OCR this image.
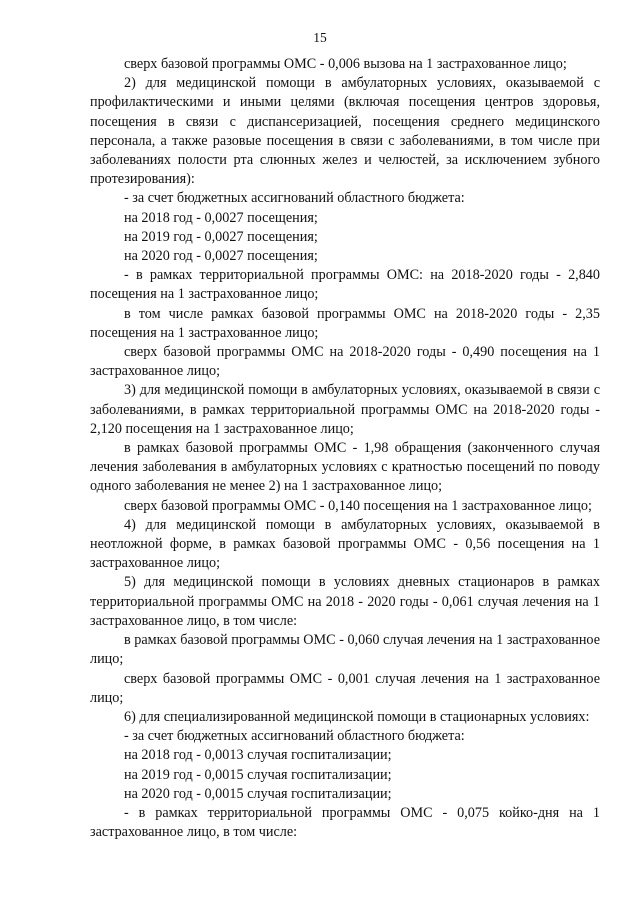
15

сверх базовой программы ОМС - 0,006 вызова на 1 застрахованное лицо;

2) для медицинской помощи в амбулаторных условиях, оказываемой с профилактическими и иными целями (включая посещения центров здоровья, посещения в связи с диспансеризацией, посещения среднего медицинского персонала, а также разовые посещения в связи с заболеваниями, в том числе при заболеваниях полости рта слюнных желез и челюстей, за исключением зубного протезирования):

- за счет бюджетных ассигнований областного бюджета:

на 2018 год - 0,0027 посещения;

на 2019 год - 0,0027 посещения;

на 2020 год - 0,0027 посещения;

- в рамках территориальной программы ОМС: на 2018-2020 годы - 2,840 посещения на 1 застрахованное лицо;

в том числе рамках базовой программы ОМС на 2018-2020 годы - 2,35 посещения на 1 застрахованное лицо;

сверх базовой программы ОМС на 2018-2020 годы - 0,490 посещения на 1 застрахованное лицо;

3) для медицинской помощи в амбулаторных условиях, оказываемой в связи с заболеваниями, в рамках территориальной программы ОМС на 2018-2020 годы - 2,120 посещения на 1 застрахованное лицо;

в рамках базовой программы ОМС - 1,98 обращения (законченного случая лечения заболевания в амбулаторных условиях с кратностью посещений по поводу одного заболевания не менее 2) на 1 застрахованное лицо;

сверх базовой программы ОМС - 0,140 посещения на 1 застрахованное лицо;

4) для медицинской помощи в амбулаторных условиях, оказываемой в неотложной форме, в рамках базовой программы ОМС - 0,56 посещения на 1 застрахованное лицо;

5) для медицинской помощи в условиях дневных стационаров в рамках территориальной программы ОМС на 2018 - 2020 годы - 0,061 случая лечения на 1 застрахованное лицо, в том числе:

в рамках базовой программы ОМС - 0,060 случая лечения на 1 застрахованное лицо;

сверх базовой программы ОМС - 0,001 случая лечения на 1 застрахованное лицо;

6) для специализированной медицинской помощи в стационарных условиях:

- за счет бюджетных ассигнований областного бюджета:

на 2018 год - 0,0013 случая госпитализации;

на 2019 год - 0,0015 случая госпитализации;

на 2020 год - 0,0015 случая госпитализации;

- в рамках территориальной программы ОМС - 0,075 койко-дня на 1 застрахованное лицо, в том числе:
